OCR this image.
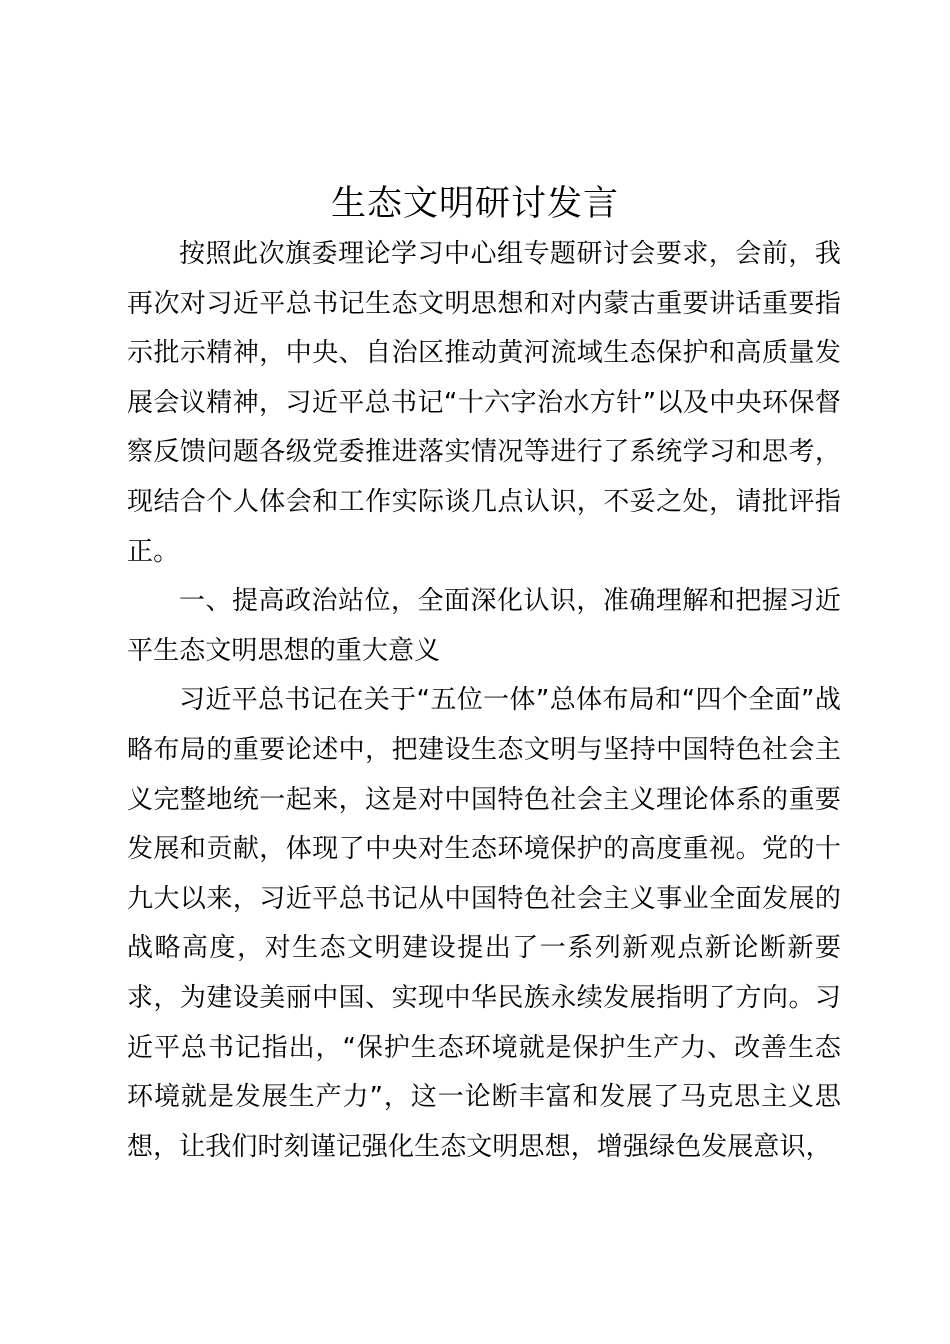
生态文明研讨发言

按照此次旗委理论学习中心组专题研讨会要求，会前，我再次对习近平总书记生态文明思想和对内蒙古重要讲话重要指示批示精神，中央、自治区推动黄河流域生态保护和高质量发展会议精神，习近平总书记“十六字治水方针”以及中央环保督察反馈问题各级党委推进落实情况等进行了系统学习和思考，现结合个人体会和工作实际谈几点认识，不妥之处，请批评指正。

一、提高政治站位，全面深化认识，准确理解和把握习近平生态文明思想的重大意义

习近平总书记在关于“五位一体”总体布局和“四个全面”战略布局的重要论述中，把建设生态文明与坚持中国特色社会主义完整地统一起来，这是对中国特色社会主义理论体系的重要发展和贡献，体现了中央对生态环境保护的高度重视。党的十九大以来，习近平总书记从中国特色社会主义事业全面发展的战略高度，对生态文明建设提出了一系列新观点新论断新要求，为建设美丽中国、实现中华民族永续发展指明了方向。习近平总书记指出，“保护生态环境就是保护生产力、改善生态环境就是发展生产力”，这一论断丰富和发展了马克思主义思想，让我们时刻谨记强化生态文明思想，增强绿色发展意识，
